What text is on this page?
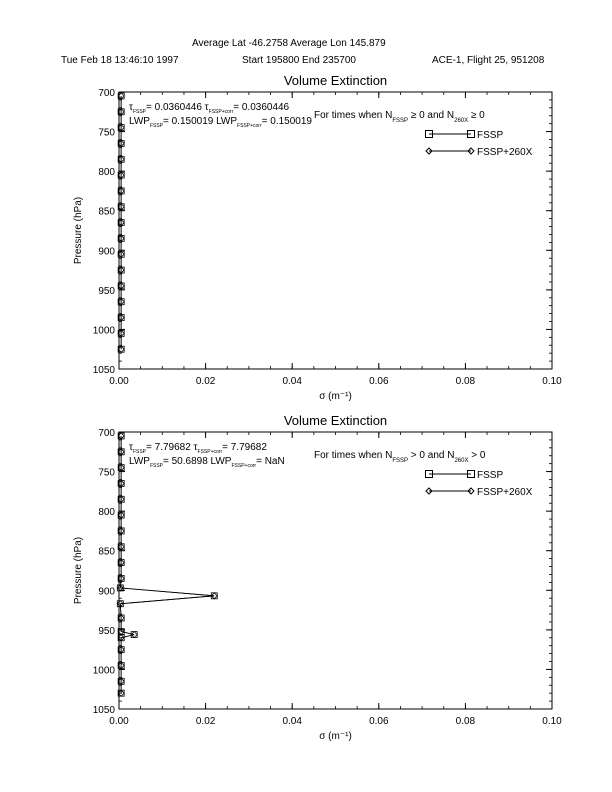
Average Lat -46.2758 Average Lon 145.879
Tue Feb 18 13:46:10 1997	Start 195800 End 235700	ACE-1, Flight 25, 951208
Volume Extinction
700
750
800
850
900
950
1000
1050
0.00	0.02	0.04	0.06	0.08	0.10
σ (m⁻¹)
Pressure (hPa)
$\tau_{FSSP}= 0.0360446$ $\tau_{FSSP+corr}= 0.0360446$
$LWP_{FSSP}= 0.150019$ $LWP_{FSSP+corr}= 0.150019$
For times when $N_{FSSP} \ge 0$ and $N_{260X} \ge 0$
FSSP
FSSP+260X
Volume Extinction
700
750
800
850
900
950
1000
1050
0.00	0.02	0.04	0.06	0.08	0.10
σ (m⁻¹)
Pressure (hPa)
$\tau_{FSSP}= 7.79682$ $\tau_{FSSP+corr}= 7.79682$
$LWP_{FSSP}= 50.6898$ $LWP_{FSSP+corr}=$ NaN
For times when $N_{FSSP} > 0$ and $N_{260X} > 0$
FSSP
FSSP+260X
